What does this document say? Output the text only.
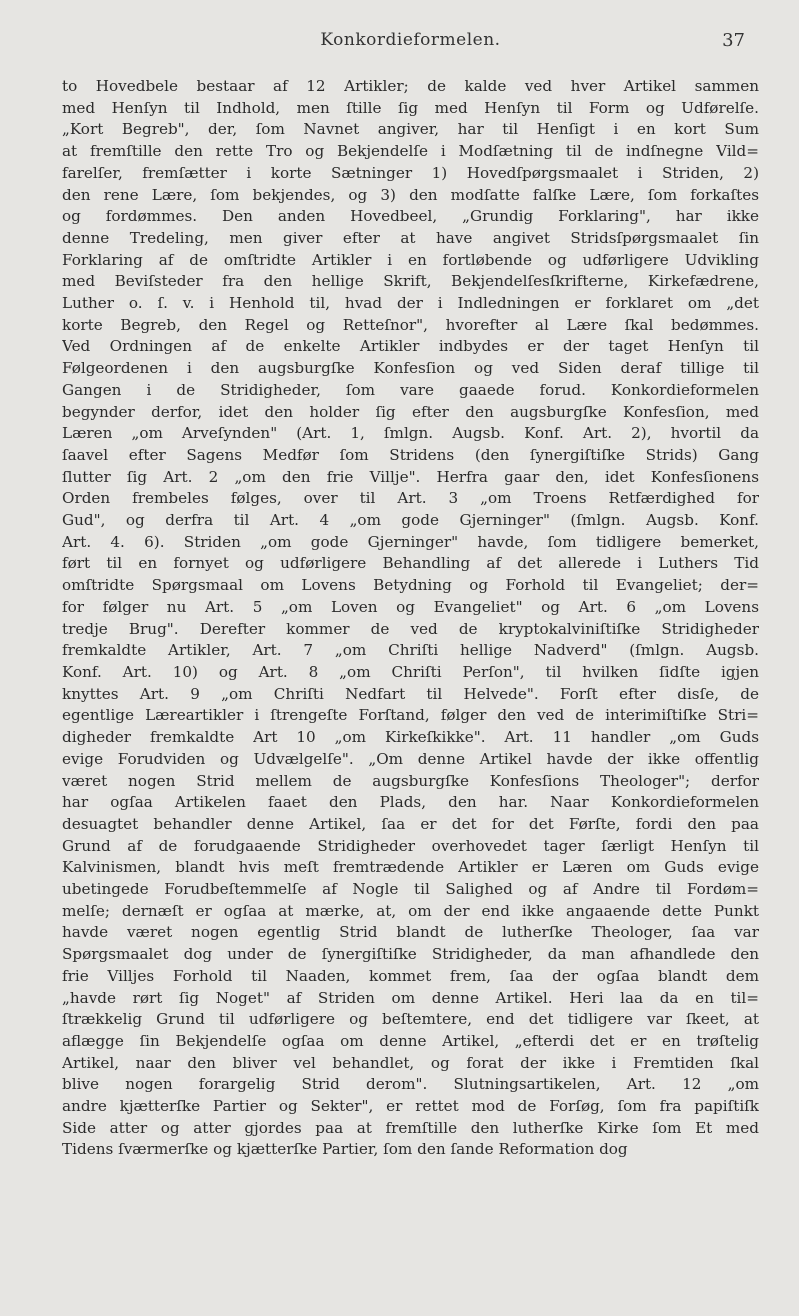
Konkordieformelen.	37
to Hovedbele bestaar af 12 Artikler; de kalde ved hver Artikel sammen
med Henſyn til Indhold, men ſtille ſig med Henſyn til Form og Udførelſe.
„Kort Begreb", der, ſom Navnet angiver, har til Henſigt i en kort Sum
at fremſtille den rette Tro og Bekjendelſe i Modſætning til de indſnegne Vild=
farelſer, fremſætter i korte Sætninger 1) Hovedſpørgsmaalet i Striden, 2)
den rene Lære, ſom bekjendes, og 3) den modſatte falſke Lære, ſom forkaſtes
og fordømmes. Den anden Hovedbeel, „Grundig Forklaring", har ikke
denne Tredeling, men giver efter at have angivet Stridsſpørgsmaalet ſin
Forklaring af de omſtridte Artikler i en fortløbende og udførligere Udvikling
med Beviſsteder fra den hellige Skrift, Bekjendelſesſkrifterne, Kirkefædrene,
Luther o. ſ. v. i Henhold til, hvad der i Indledningen er forklaret om „det
korte Begreb, den Regel og Retteſnor", hvorefter al Lære ſkal bedømmes.
Ved Ordningen af de enkelte Artikler indbydes er der taget Henſyn til
Følgeordenen i den augsburgſke Konfesſion og ved Siden deraf tillige til
Gangen i de Stridigheder, ſom vare gaaede forud. Konkordieformelen
begynder derfor, idet den holder ſig efter den augsburgſke Konfesſion, med
Læren „om Arveſynden" (Art. 1, ſmlgn. Augsb. Konf. Art. 2), hvortil da
ſaavel efter Sagens Medfør ſom Stridens (den ſynergiſtiſke Strids) Gang
ſlutter ſig Art. 2 „om den frie Villje". Herfra gaar den, idet Konfesſionens
Orden frembeles følges, over til Art. 3 „om Troens Retfærdighed for
Gud", og derfra til Art. 4 „om gode Gjerninger" (ſmlgn. Augsb. Konf.
Art. 4. 6). Striden „om gode Gjerninger" havde, ſom tidligere bemerket,
ført til en fornyet og udførligere Behandling af det allerede i Luthers Tid
omſtridte Spørgsmaal om Lovens Betydning og Forhold til Evangeliet; der=
for følger nu Art. 5 „om Loven og Evangeliet" og Art. 6 „om Lovens
tredje Brug". Derefter kommer de ved de kryptokalviniſtiſke Stridigheder
fremkaldte Artikler, Art. 7 „om Chriſti hellige Nadverd" (ſmlgn. Augsb.
Konf. Art. 10) og Art. 8 „om Chriſti Perſon", til hvilken ſidſte igjen
knyttes Art. 9 „om Chriſti Nedfart til Helvede". Forſt efter disſe, de
egentlige Læreartikler i ſtrengeſte Forſtand, følger den ved de interimiſtiſke Stri=
digheder fremkaldte Art 10 „om Kirkeſkikke". Art. 11 handler „om Guds
evige Forudviden og Udvælgelſe". „Om denne Artikel havde der ikke offentlig
været nogen Strid mellem de augsburgſke Konfesſions Theologer"; derfor
har ogſaa Artikelen faaet den Plads, den har. Naar Konkordieformelen
desuagtet behandler denne Artikel, ſaa er det for det Førſte, fordi den paa
Grund af de forudgaaende Stridigheder overhovedet tager ſærligt Henſyn til
Kalvinismen, blandt hvis meſt fremtrædende Artikler er Læren om Guds evige
ubetingede Forudbeſtemmelſe af Nogle til Salighed og af Andre til Fordøm=
melſe; dernæſt er ogſaa at mærke, at, om der end ikke angaaende dette Punkt
havde været nogen egentlig Strid blandt de lutherſke Theologer, ſaa var
Spørgsmaalet dog under de ſynergiſtiſke Stridigheder, da man afhandlede den
frie Villjes Forhold til Naaden, kommet frem, ſaa der ogſaa blandt dem
„havde rørt ſig Noget" af Striden om denne Artikel. Heri laa da en til=
ſtrækkelig Grund til udførligere og beſtemtere, end det tidligere var ſkeet, at
aflægge ſin Bekjendelſe ogſaa om denne Artikel, „efterdi det er en trøſtelig
Artikel, naar den bliver vel behandlet, og forat der ikke i Fremtiden ſkal
blive nogen forargelig Strid derom". Slutningsartikelen, Art. 12 „om
andre kjætterſke Partier og Sekter", er rettet mod de Forſøg, ſom fra papiſtiſk
Side atter og atter gjordes paa at fremſtille den lutherſke Kirke ſom Et med
Tidens ſværmerſke og kjætterſke Partier, ſom den ſande Reformation dog
